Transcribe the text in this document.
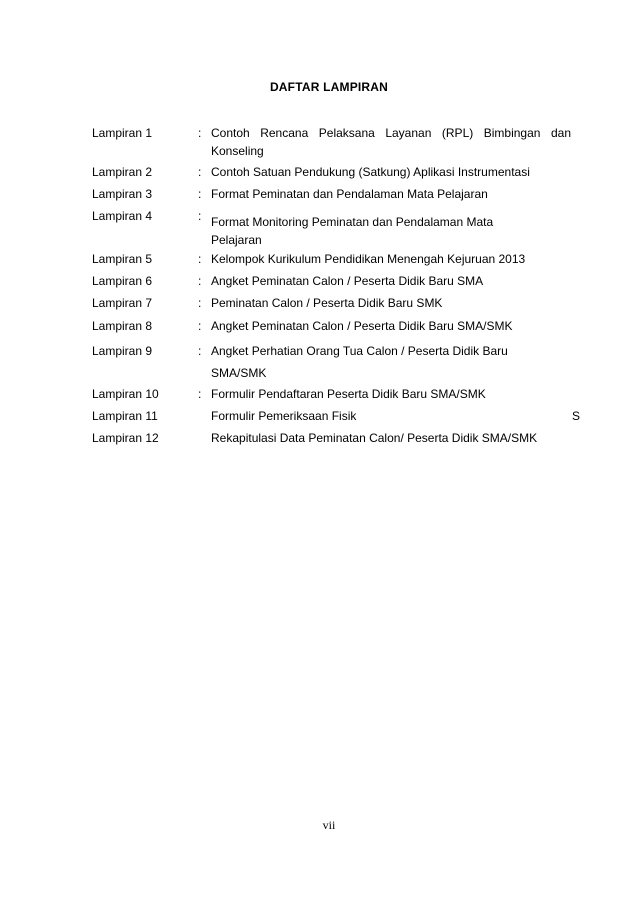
DAFTAR LAMPIRAN
Lampiran 1	: Contoh Rencana Pelaksana Layanan (RPL) Bimbingan dan Konseling
Lampiran 2	: Contoh Satuan Pendukung (Satkung) Aplikasi Instrumentasi
Lampiran 3	: Format Peminatan dan Pendalaman Mata Pelajaran
Lampiran 4	: Format Monitoring Peminatan dan Pendalaman Mata Pelajaran
Lampiran 5	: Kelompok Kurikulum Pendidikan Menengah Kejuruan 2013
Lampiran 6	: Angket Peminatan Calon / Peserta Didik Baru SMA
Lampiran 7	: Peminatan Calon / Peserta Didik Baru SMK
Lampiran 8	: Angket Peminatan Calon / Peserta Didik Baru SMA/SMK
Lampiran 9	: Angket Perhatian Orang Tua Calon / Peserta Didik Baru SMA/SMK
Lampiran 10	: Formulir Pendaftaran Peserta Didik Baru SMA/SMK
Lampiran 11	Formulir Pemeriksaan Fisik	S
Lampiran 12	Rekapitulasi Data Peminatan Calon/ Peserta Didik SMA/SMK
vii
